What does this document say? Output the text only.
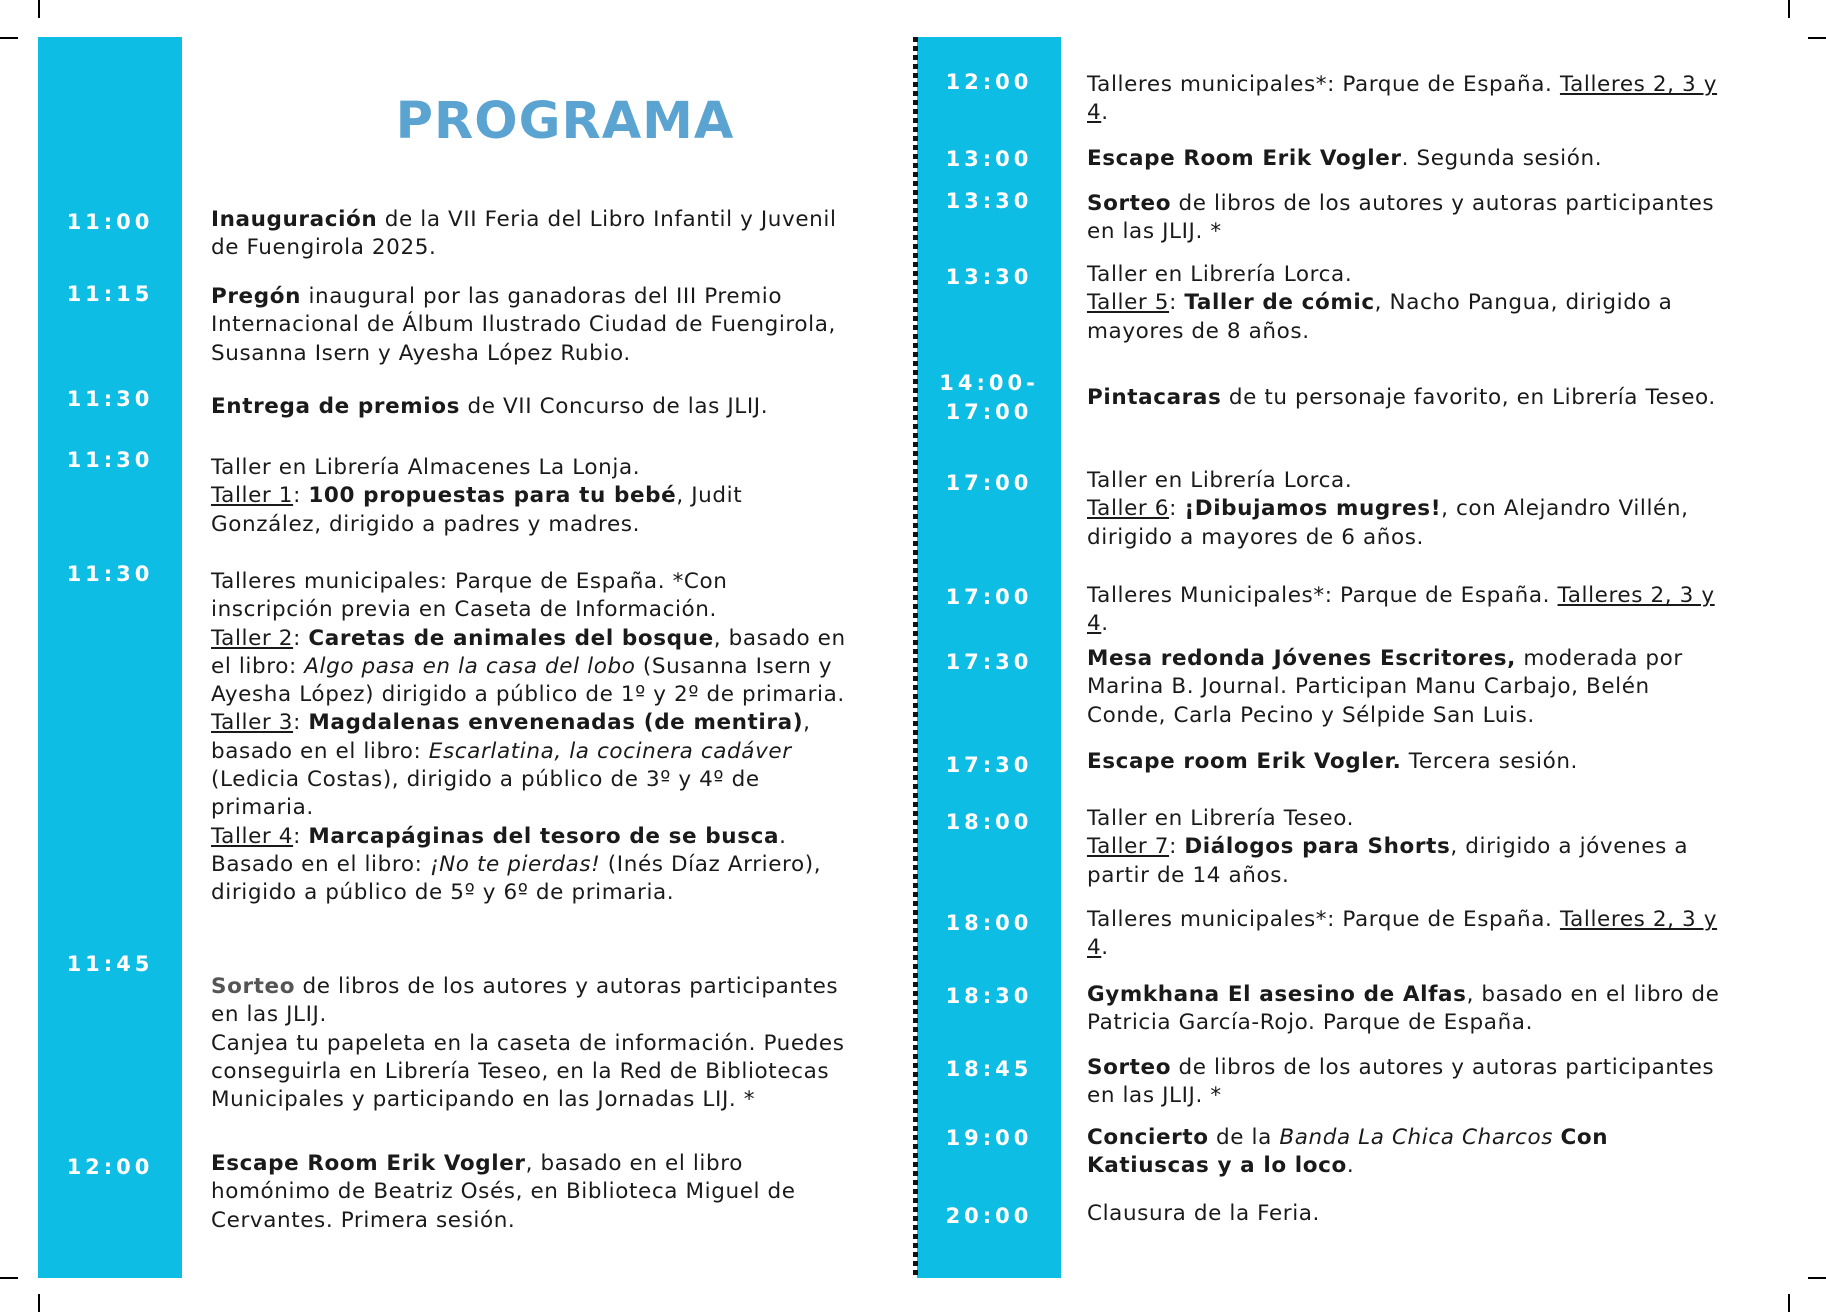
PROGRAMA
11:00	Inauguración de la VII Feria del Libro Infantil y Juvenil de Fuengirola 2025.
11:15	Pregón inaugural por las ganadoras del III Premio Internacional de Álbum Ilustrado Ciudad de Fuengirola, Susanna Isern y Ayesha López Rubio.
11:30	Entrega de premios de VII Concurso de las JLIJ.
11:30	Taller en Librería Almacenes La Lonja.
Taller 1: 100 propuestas para tu bebé, Judit González, dirigido a padres y madres.
11:30	Talleres municipales: Parque de España. *Con inscripción previa en Caseta de Información.
Taller 2: Caretas de animales del bosque, basado en el libro: Algo pasa en la casa del lobo (Susanna Isern y Ayesha López) dirigido a público de 1º y 2º de primaria.
Taller 3: Magdalenas envenenadas (de mentira), basado en el libro: Escarlatina, la cocinera cadáver (Ledicia Costas), dirigido a público de 3º y 4º de primaria.
Taller 4: Marcapáginas del tesoro de se busca. Basado en el libro: ¡No te pierdas! (Inés Díaz Arriero), dirigido a público de 5º y 6º de primaria.
11:45
Sorteo de libros de los autores y autoras participantes en las JLIJ.
Canjea tu papeleta en la caseta de información. Puedes conseguirla en Librería Teseo, en la Red de Bibliotecas Municipales y participando en las Jornadas LIJ. *
12:00	Escape Room Erik Vogler, basado en el libro homónimo de Beatriz Osés, en Biblioteca Miguel de Cervantes. Primera sesión.
12:00	Talleres municipales*: Parque de España. Talleres 2, 3 y 4.
13:00	Escape Room Erik Vogler. Segunda sesión.
13:30	Sorteo de libros de los autores y autoras participantes en las JLIJ. *
13:30	Taller en Librería Lorca.
Taller 5: Taller de cómic, Nacho Pangua, dirigido a mayores de 8 años.
14:00-
17:00
Pintacaras de tu personaje favorito, en Librería Teseo.
17:00	Taller en Librería Lorca.
Taller 6: ¡Dibujamos mugres!, con Alejandro Villén, dirigido a mayores de 6 años.
17:00	Talleres Municipales*: Parque de España. Talleres 2, 3 y 4.
17:30	Mesa redonda Jóvenes Escritores, moderada por Marina B. Journal. Participan Manu Carbajo, Belén Conde, Carla Pecino y Sélpide San Luis.
17:30	Escape room Erik Vogler. Tercera sesión.
18:00	Taller en Librería Teseo.
Taller 7: Diálogos para Shorts, dirigido a jóvenes a partir de 14 años.
18:00	Talleres municipales*: Parque de España. Talleres 2, 3 y 4.
18:30	Gymkhana El asesino de Alfas, basado en el libro de Patricia García-Rojo. Parque de España.
18:45	Sorteo de libros de los autores y autoras participantes en las JLIJ. *
19:00	Concierto de la Banda La Chica Charcos Con Katiuscas y a lo loco.
20:00	Clausura de la Feria.
